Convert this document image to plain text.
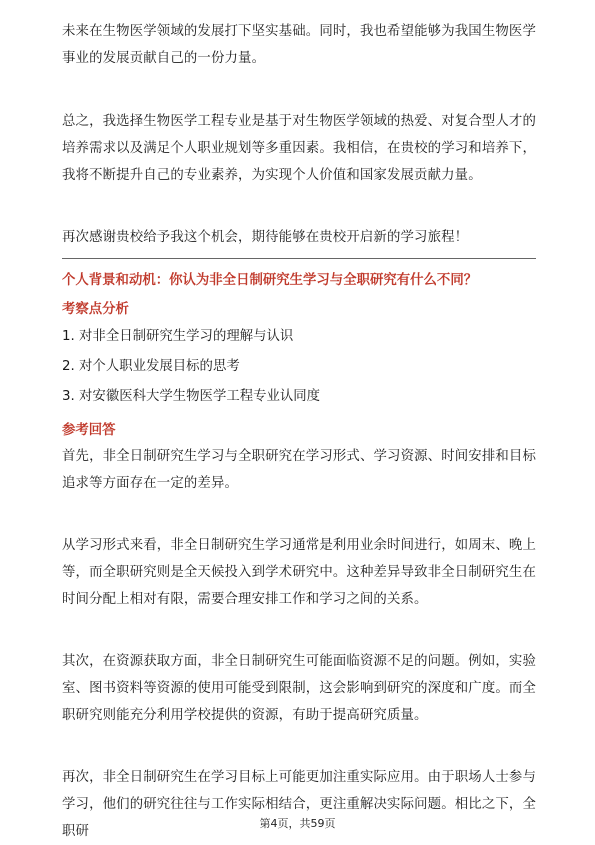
未来在生物医学领域的发展打下坚实基础。同时，我也希望能够为我国生物医学事业的发展贡献自己的一份力量。

总之，我选择生物医学工程专业是基于对生物医学领域的热爱、对复合型人才的培养需求以及满足个人职业规划等多重因素。我相信，在贵校的学习和培养下，我将不断提升自己的专业素养，为实现个人价值和国家发展贡献力量。

再次感谢贵校给予我这个机会，期待能够在贵校开启新的学习旅程！

个人背景和动机：你认为非全日制研究生学习与全职研究有什么不同？

考察点分析

1. 对非全日制研究生学习的理解与认识
2. 对个人职业发展目标的思考
3. 对安徽医科大学生物医学工程专业认同度

参考回答

首先，非全日制研究生学习与全职研究在学习形式、学习资源、时间安排和目标追求等方面存在一定的差异。

从学习形式来看，非全日制研究生学习通常是利用业余时间进行，如周末、晚上等，而全职研究则是全天候投入到学术研究中。这种差异导致非全日制研究生在时间分配上相对有限，需要合理安排工作和学习之间的关系。

其次，在资源获取方面，非全日制研究生可能面临资源不足的问题。例如，实验室、图书资料等资源的使用可能受到限制，这会影响到研究的深度和广度。而全职研究则能充分利用学校提供的资源，有助于提高研究质量。

再次，非全日制研究生在学习目标上可能更加注重实际应用。由于职场人士参与学习，他们的研究往往与工作实际相结合，更注重解决实际问题。相比之下，全职研

第4页，共59页
